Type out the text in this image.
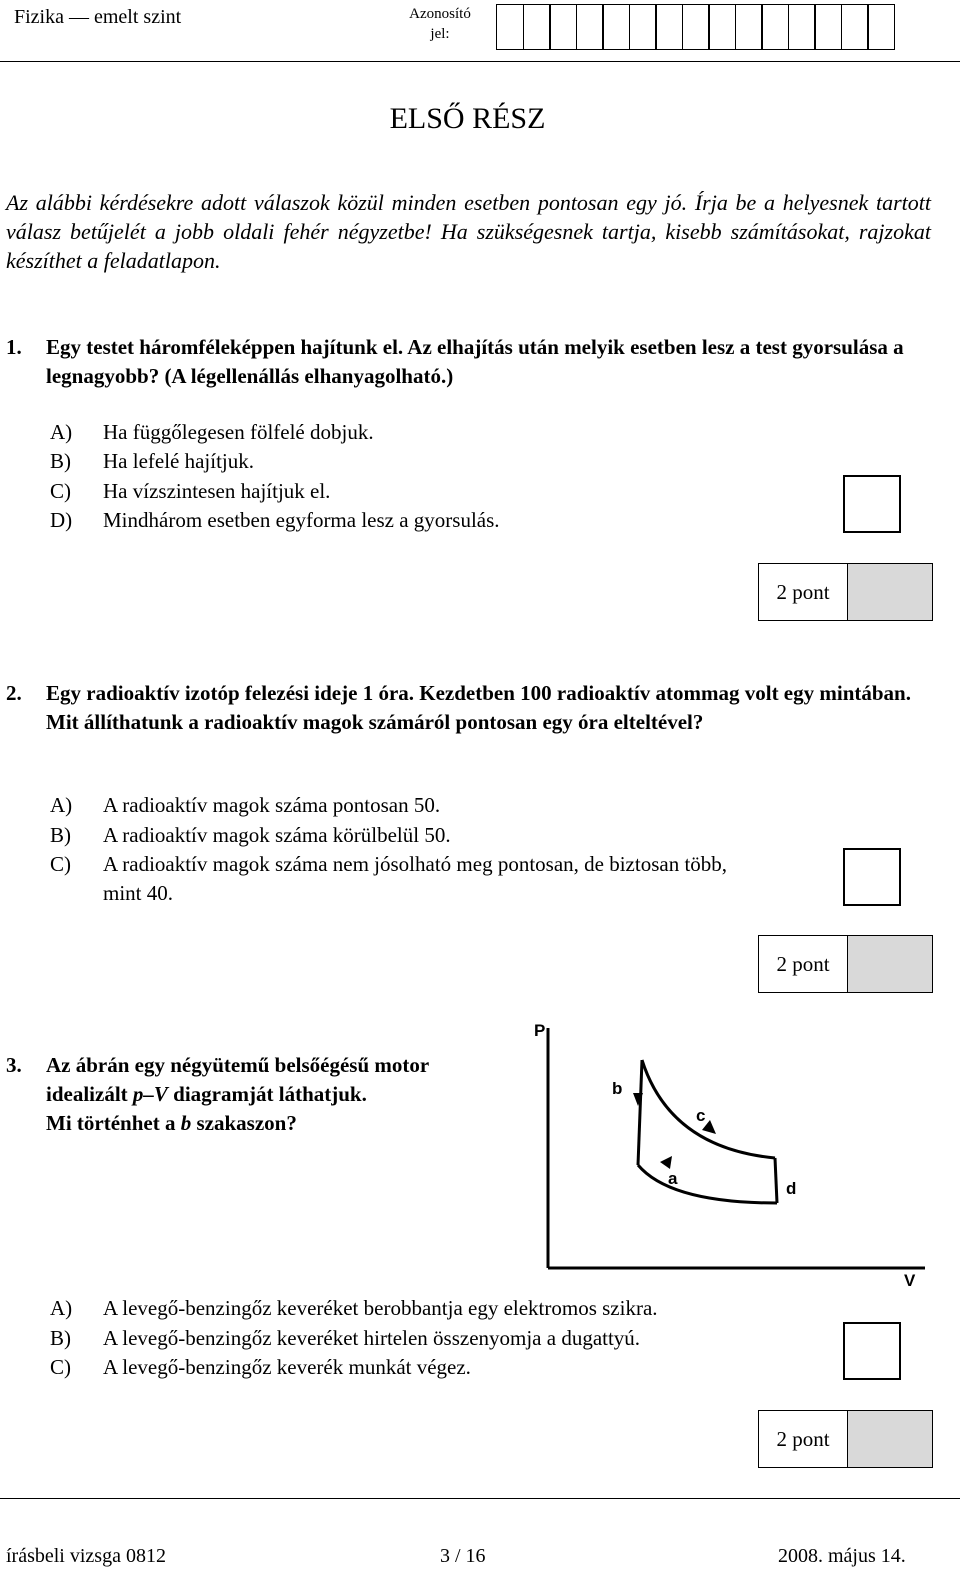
Fizika — emelt szint	Azonosító
jel:
ELSŐ RÉSZ
Az alábbi kérdésekre adott válaszok közül minden esetben pontosan egy jó. Írja be a helyesnek tartott válasz betűjelét a jobb oldali fehér négyzetbe! Ha szükségesnek tartja, kisebb számításokat, rajzokat készíthet a feladatlapon.
1. Egy testet háromféleképpen hajítunk el. Az elhajítás után melyik esetben lesz a test gyorsulása a legnagyobb? (A légellenállás elhanyagolható.)
A) Ha függőlegesen fölfelé dobjuk.
B) Ha lefelé hajítjuk.
C) Ha vízszintesen hajítjuk el.
D) Mindhárom esetben egyforma lesz a gyorsulás.
2 pont
2. Egy radioaktív izotóp felezési ideje 1 óra. Kezdetben 100 radioaktív atommag volt egy mintában. Mit állíthatunk a radioaktív magok számáról pontosan egy óra elteltével?
A) A radioaktív magok száma pontosan 50.
B) A radioaktív magok száma körülbelül 50.
C) A radioaktív magok száma nem jósolható meg pontosan, de biztosan több,
mint 40.
2 pont
3. Az ábrán egy négyütemű belsőégésű motor
idealizált p–V diagramját láthatjuk.
Mi történhet a b szakaszon?
P
V
b
c
a
d
A) A levegő-benzingőz keveréket berobbantja egy elektromos szikra.
B) A levegő-benzingőz keveréket hirtelen összenyomja a dugattyú.
C) A levegő-benzingőz keverék munkát végez.
2 pont
írásbeli vizsga 0812	3 / 16	2008. május 14.
